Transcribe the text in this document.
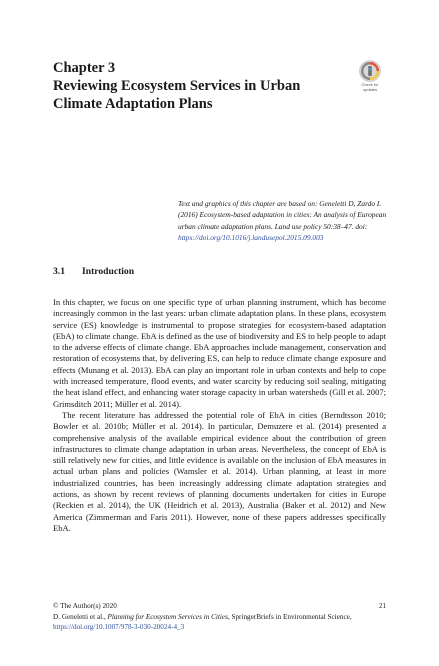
Chapter 3
Reviewing Ecosystem Services in Urban
Climate Adaptation Plans
Check for
updates
Text and graphics of this chapter are based on: Geneletti D, Zardo L (2016) Ecosystem-based adaptation in cities: An analysis of European urban climate adaptation plans. Land use policy 50:38–47. doi: https://doi.org/10.1016/j.landusepol.2015.09.003
3.1 Introduction

In this chapter, we focus on one specific type of urban planning instrument, which has become increasingly common in the last years: urban climate adaptation plans. In these plans, ecosystem service (ES) knowledge is instrumental to propose strategies for ecosystem-based adaptation (EbA) to climate change. EbA is defined as the use of biodiversity and ES to help people to adapt to the adverse effects of climate change. EbA approaches include management, conservation and restoration of ecosystems that, by delivering ES, can help to reduce climate change exposure and effects (Munang et al. 2013). EbA can play an important role in urban contexts and help to cope with increased temperature, flood events, and water scarcity by reducing soil sealing, mitigating the heat island effect, and enhancing water storage capacity in urban watersheds (Gill et al. 2007; Grimsditch 2011; Müller et al. 2014).

The recent literature has addressed the potential role of EbA in cities (Berndtsson 2010; Bowler et al. 2010b; Müller et al. 2014). In particular, Demuzere et al. (2014) presented a comprehensive analysis of the available empirical evidence about the contribution of green infrastructures to climate change adaptation in urban areas. Nevertheless, the concept of EbA is still relatively new for cities, and little evidence is available on the inclusion of EbA measures in actual urban plans and policies (Wamsler et al. 2014). Urban planning, at least in more industrialized countries, has been increasingly addressing climate adaptation strategies and actions, as shown by recent reviews of planning documents undertaken for cities in Europe (Reckien et al. 2014), the UK (Heidrich et al. 2013), Australia (Baker et al. 2012) and New America (Zimmerman and Faris 2011). However, none of these papers addresses specifically EbA.

21
© The Author(s) 2020
D. Geneletti et al., Planning for Ecosystem Services in Cities, SpringerBriefs in Environmental Science, https://doi.org/10.1007/978-3-030-20024-4_3
